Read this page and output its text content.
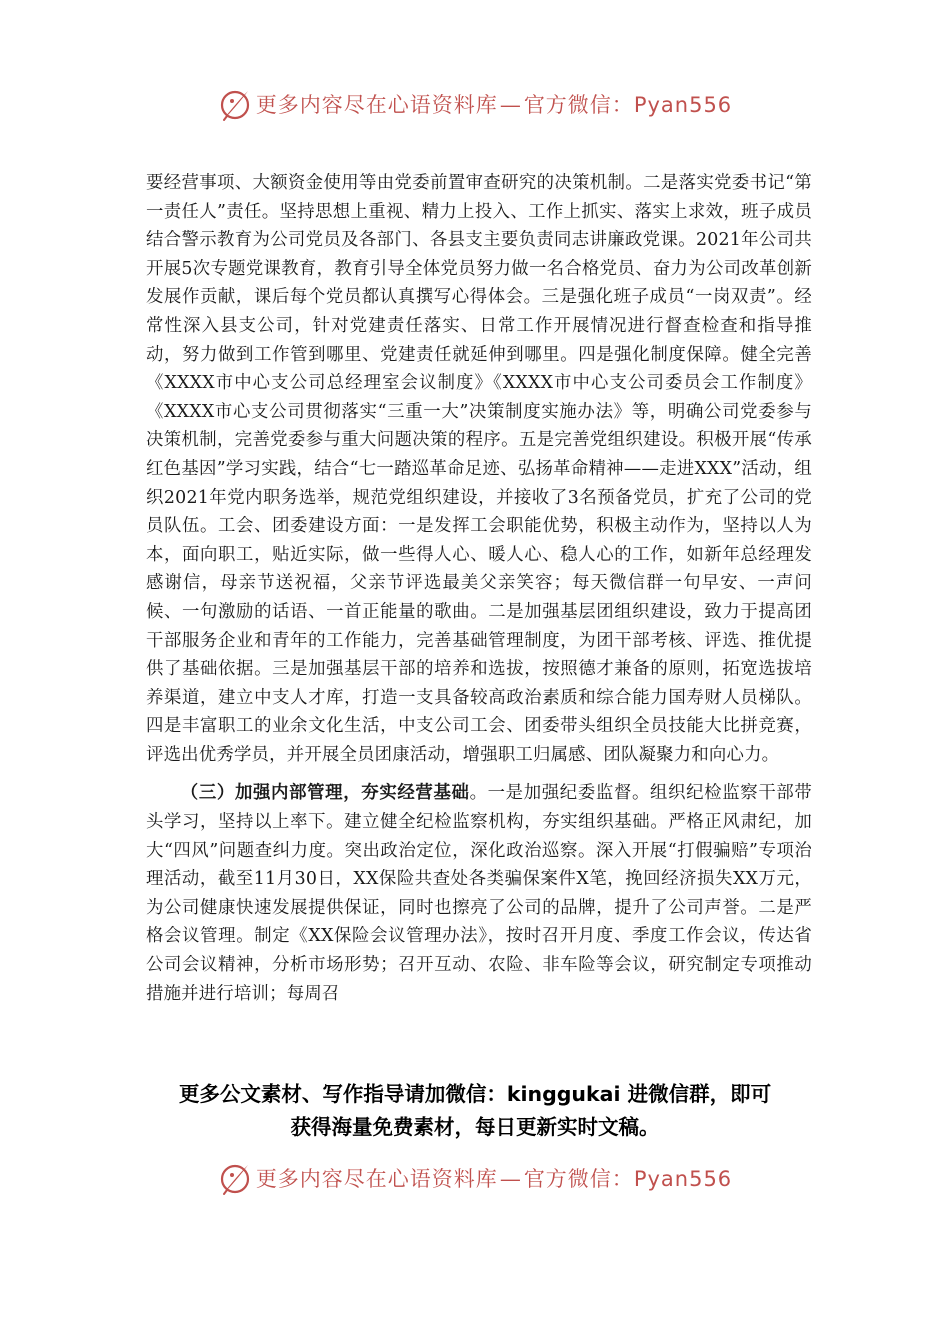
更多内容尽在心语资料库—官方微信：Pyan556

要经营事项、大额资金使用等由党委前置审查研究的决策机制。二是落实党委书记“第一责任人”责任。坚持思想上重视、精力上投入、工作上抓实、落实上求效，班子成员结合警示教育为公司党员及各部门、各县支主要负责同志讲廉政党课。2021年公司共开展5次专题党课教育，教育引导全体党员努力做一名合格党员、奋力为公司改革创新发展作贡献，课后每个党员都认真撰写心得体会。三是强化班子成员“一岗双责”。经常性深入县支公司，针对党建责任落实、日常工作开展情况进行督查检查和指导推动，努力做到工作管到哪里、党建责任就延伸到哪里。四是强化制度保障。健全完善《XXXX市中心支公司总经理室会议制度》《XXXX市中心支公司委员会工作制度》《XXXX市心支公司贯彻落实“三重一大”决策制度实施办法》等，明确公司党委参与决策机制，完善党委参与重大问题决策的程序。五是完善党组织建设。积极开展“传承红色基因”学习实践，结合“七一踏巡革命足迹、弘扬革命精神——走进XXX”活动，组织2021年党内职务选举，规范党组织建设，并接收了3名预备党员，扩充了公司的党员队伍。工会、团委建设方面：一是发挥工会职能优势，积极主动作为，坚持以人为本，面向职工，贴近实际，做一些得人心、暖人心、稳人心的工作，如新年总经理发感谢信，母亲节送祝福，父亲节评选最美父亲笑容；每天微信群一句早安、一声问候、一句激励的话语、一首正能量的歌曲。二是加强基层团组织建设，致力于提高团干部服务企业和青年的工作能力，完善基础管理制度，为团干部考核、评选、推优提供了基础依据。三是加强基层干部的培养和选拔，按照德才兼备的原则，拓宽选拔培养渠道，建立中支人才库，打造一支具备较高政治素质和综合能力国寿财人员梯队。四是丰富职工的业余文化生活，中支公司工会、团委带头组织全员技能大比拼竞赛，评选出优秀学员，并开展全员团康活动，增强职工归属感、团队凝聚力和向心力。

（三）加强内部管理，夯实经营基础。一是加强纪委监督。组织纪检监察干部带头学习，坚持以上率下。建立健全纪检监察机构，夯实组织基础。严格正风肃纪，加大“四风”问题查纠力度。突出政治定位，深化政治巡察。深入开展“打假骗赔”专项治理活动，截至11月30日，XX保险共查处各类骗保案件X笔，挽回经济损失XX万元，为公司健康快速发展提供保证，同时也擦亮了公司的品牌，提升了公司声誉。二是严格会议管理。制定《XX保险会议管理办法》，按时召开月度、季度工作会议，传达省公司会议精神，分析市场形势；召开互动、农险、非车险等会议，研究制定专项推动措施并进行培训；每周召

更多公文素材、写作指导请加微信：kinggukai 进微信群，即可
获得海量免费素材，每日更新实时文稿。
更多内容尽在心语资料库—官方微信：Pyan556
